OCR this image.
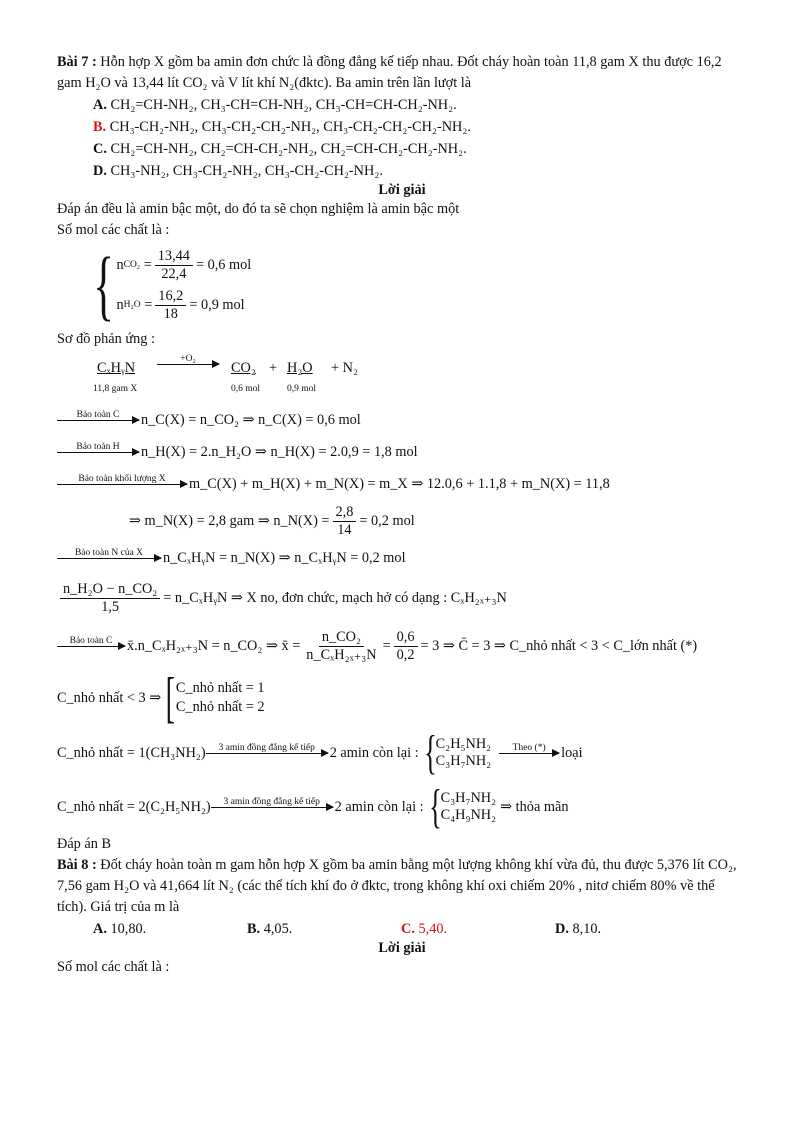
Bài 7 : Hỗn hợp X gồm ba amin đơn chức là đồng đẳng kế tiếp nhau. Đốt cháy hoàn toàn 11,8 gam X thu được 16,2 gam H₂O và 13,44 lít CO₂ và V lít khí N₂(đktc). Ba amin trên lần lượt là

A. CH₂=CH-NH₂, CH₃-CH=CH-NH₂, CH₃-CH=CH-CH₂-NH₂.
B. CH₃-CH₂-NH₂, CH₃-CH₂-CH₂-NH₂, CH₃-CH₂-CH₂-CH₂-NH₂.
C. CH₂=CH-NH₂, CH₂=CH-CH₂-NH₂, CH₂=CH-CH₂-CH₂-NH₂.
D. CH₃-NH₂, CH₃-CH₂-NH₂, CH₃-CH₂-CH₂-NH₂.
Lời giải

Đáp án đều là amin bậc một, do đó ta sẽ chọn nghiệm là amin bậc một

Số mol các chất là :

{ n $CO_2 = \frac{13,44}{22,4} = 0,6$ mol
n $H_2O = \frac{16,2}{18} = 0,9$ mol

Sơ đồ phản ứng :

CₓHᵧN
11,8 gam X
+O₂
CO₂
0,6 mol
+ H₂O
0,9 mol
+ N₂
Bảo toàn C n_C(X) = n_CO₂ ⇒ n_C(X) = 0,6 mol
Bảo toàn H n_H(X) = 2.n_H₂O ⇒ n_H(X) = 2.0,9 = 1,8 mol
Bảo toàn khối lượng X m_C(X) + m_H(X) + m_N(X) = m_X ⇒ 12.0,6 + 1.1,8 + m_N(X) = 11,8
⇒ m_N(X) = 2,8 gam ⇒ n_N(X) = $\frac{2,8}{14} = 0,2$ mol
Bảo toàn N của X n_CₓHᵧN = n_N(X) ⇒ n_CₓHᵧN = 0,2 mol
$\frac{\text{n\_H₂O − n\_CO₂}}{1,5}$ = n_CₓHᵧN ⇒ X no, đơn chức, mạch hở có dạng : CₓH₂ₓ₊₃N
Bảo toàn C x̄.n_CₓH₂ₓ₊₃N = n_CO₂ ⇒ x̄ = $\frac{\text{n\_CO₂}}{\text{n\_CₓH₂ₓ₊₃N}} = \frac{0,6}{0,2} = 3$ ⇒ C̄ = 3 ⇒ C_nhỏ nhất < 3 < C_lớn nhất (*)
C_nhỏ nhất < 3 ⇒ [ C_nhỏ nhất = 1
C_nhỏ nhất = 2
C_nhỏ nhất = 1(CH₃NH₂) 3 amin đồng đẳng kế tiếp 2 amin còn lại : { C₂H₅NH₂
C₃H₇NH₂
Theo (*) loại
C_nhỏ nhất = 2(C₂H₅NH₂) 3 amin đồng đẳng kế tiếp 2 amin còn lại : { C₃H₇NH₂
C₄H₉NH₂
⇒ thỏa mãn

Đáp án B

Bài 8 : Đốt cháy hoàn toàn m gam hỗn hợp X gồm ba amin bằng một lượng không khí vừa đủ, thu được 5,376 lít CO₂, 7,56 gam H₂O và 41,664 lít N₂ (các thể tích khí đo ở đktc, trong không khí oxi chiếm 20% , nitơ chiếm 80% về thể tích). Giá trị của m là

A. 10,80.	B. 4,05.	C. 5,40.	D. 8,10.
Lời giải

Số mol các chất là :
